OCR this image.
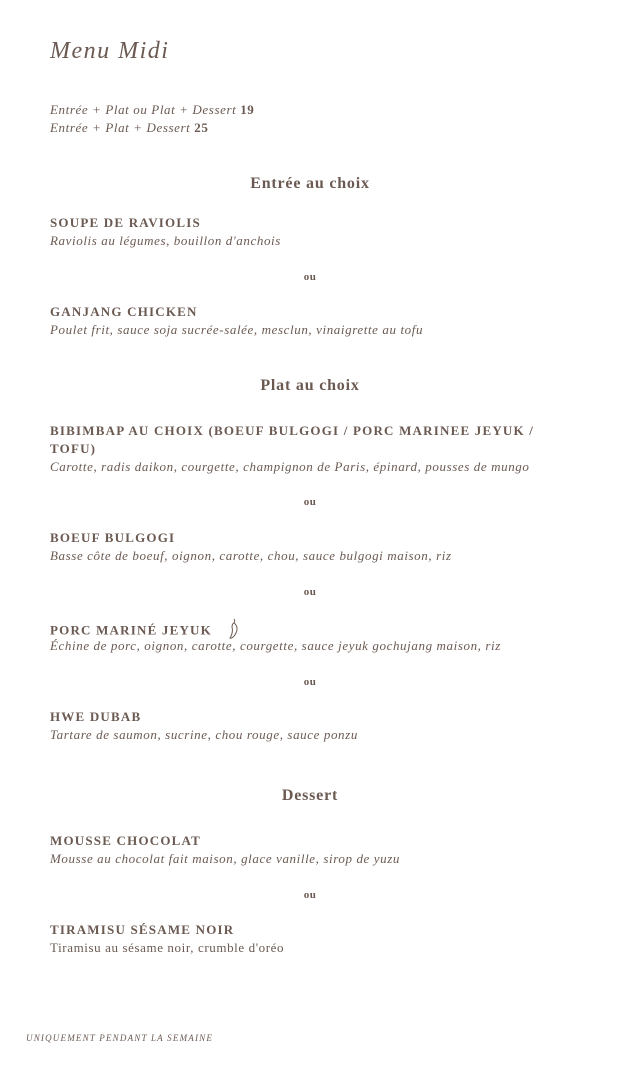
Menu Midi
Entrée + Plat ou Plat + Dessert 19
Entrée + Plat + Dessert 25
Entrée au choix
SOUPE DE RAVIOLIS
Raviolis au légumes, bouillon d'anchois
ou
GANJANG CHICKEN
Poulet frit, sauce soja sucrée-salée, mesclun, vinaigrette au tofu
Plat au choix
BIBIMBAP AU CHOIX (BOEUF BULGOGI / PORC MARINEE JEYUK / TOFU)
Carotte, radis daikon, courgette, champignon de Paris, épinard, pousses de mungo
ou
BOEUF BULGOGI
Basse côte de boeuf, oignon, carotte, chou, sauce bulgogi maison, riz
ou
PORC MARINÉ JEYUK
Échine de porc, oignon, carotte, courgette, sauce jeyuk gochujang maison, riz
ou
HWE DUBAB
Tartare de saumon, sucrine, chou rouge, sauce ponzu
Dessert
MOUSSE CHOCOLAT
Mousse au chocolat fait maison, glace vanille, sirop de yuzu
ou
TIRAMISU SÉSAME NOIR
Tiramisu au sésame noir, crumble d'oréo
UNIQUEMENT PENDANT LA SEMAINE
